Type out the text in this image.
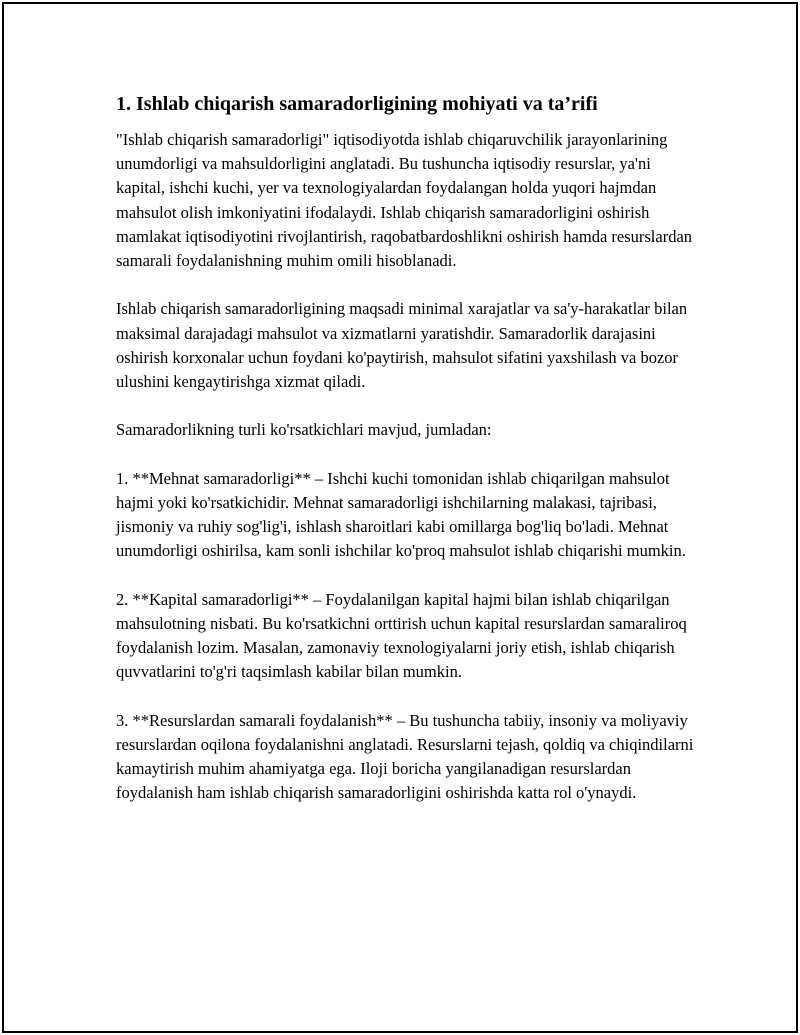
1. Ishlab chiqarish samaradorligining mohiyati va ta’rifi

"Ishlab chiqarish samaradorligi" iqtisodiyotda ishlab chiqaruvchilik jarayonlarining unumdorligi va mahsuldorligini anglatadi. Bu tushuncha iqtisodiy resurslar, ya'ni kapital, ishchi kuchi, yer va texnologiyalardan foydalangan holda yuqori hajmdan mahsulot olish imkoniyatini ifodalaydi. Ishlab chiqarish samaradorligini oshirish mamlakat iqtisodiyotini rivojlantirish, raqobatbardoshlikni oshirish hamda resurslardan samarali foydalanishning muhim omili hisoblanadi.

Ishlab chiqarish samaradorligining maqsadi minimal xarajatlar va sa'y-harakatlar bilan maksimal darajadagi mahsulot va xizmatlarni yaratishdir. Samaradorlik darajasini oshirish korxonalar uchun foydani ko'paytirish, mahsulot sifatini yaxshilash va bozor ulushini kengaytirishga xizmat qiladi.

Samaradorlikning turli ko'rsatkichlari mavjud, jumladan:

1. **Mehnat samaradorligi** – Ishchi kuchi tomonidan ishlab chiqarilgan mahsulot hajmi yoki ko'rsatkichidir. Mehnat samaradorligi ishchilarning malakasi, tajribasi, jismoniy va ruhiy sog'lig'i, ishlash sharoitlari kabi omillarga bog'liq bo'ladi. Mehnat unumdorligi oshirilsa, kam sonli ishchilar ko'proq mahsulot ishlab chiqarishi mumkin.

2. **Kapital samaradorligi** – Foydalanilgan kapital hajmi bilan ishlab chiqarilgan mahsulotning nisbati. Bu ko'rsatkichni orttirish uchun kapital resurslardan samaraliroq foydalanish lozim. Masalan, zamonaviy texnologiyalarni joriy etish, ishlab chiqarish quvvatlarini to'g'ri taqsimlash kabilar bilan mumkin.

3. **Resurslardan samarali foydalanish** – Bu tushuncha tabiiy, insoniy va moliyaviy resurslardan oqilona foydalanishni anglatadi. Resurslarni tejash, qoldiq va chiqindilarni kamaytirish muhim ahamiyatga ega. Iloji boricha yangilanadigan resurslardan foydalanish ham ishlab chiqarish samaradorligini oshirishda katta rol o'ynaydi.
